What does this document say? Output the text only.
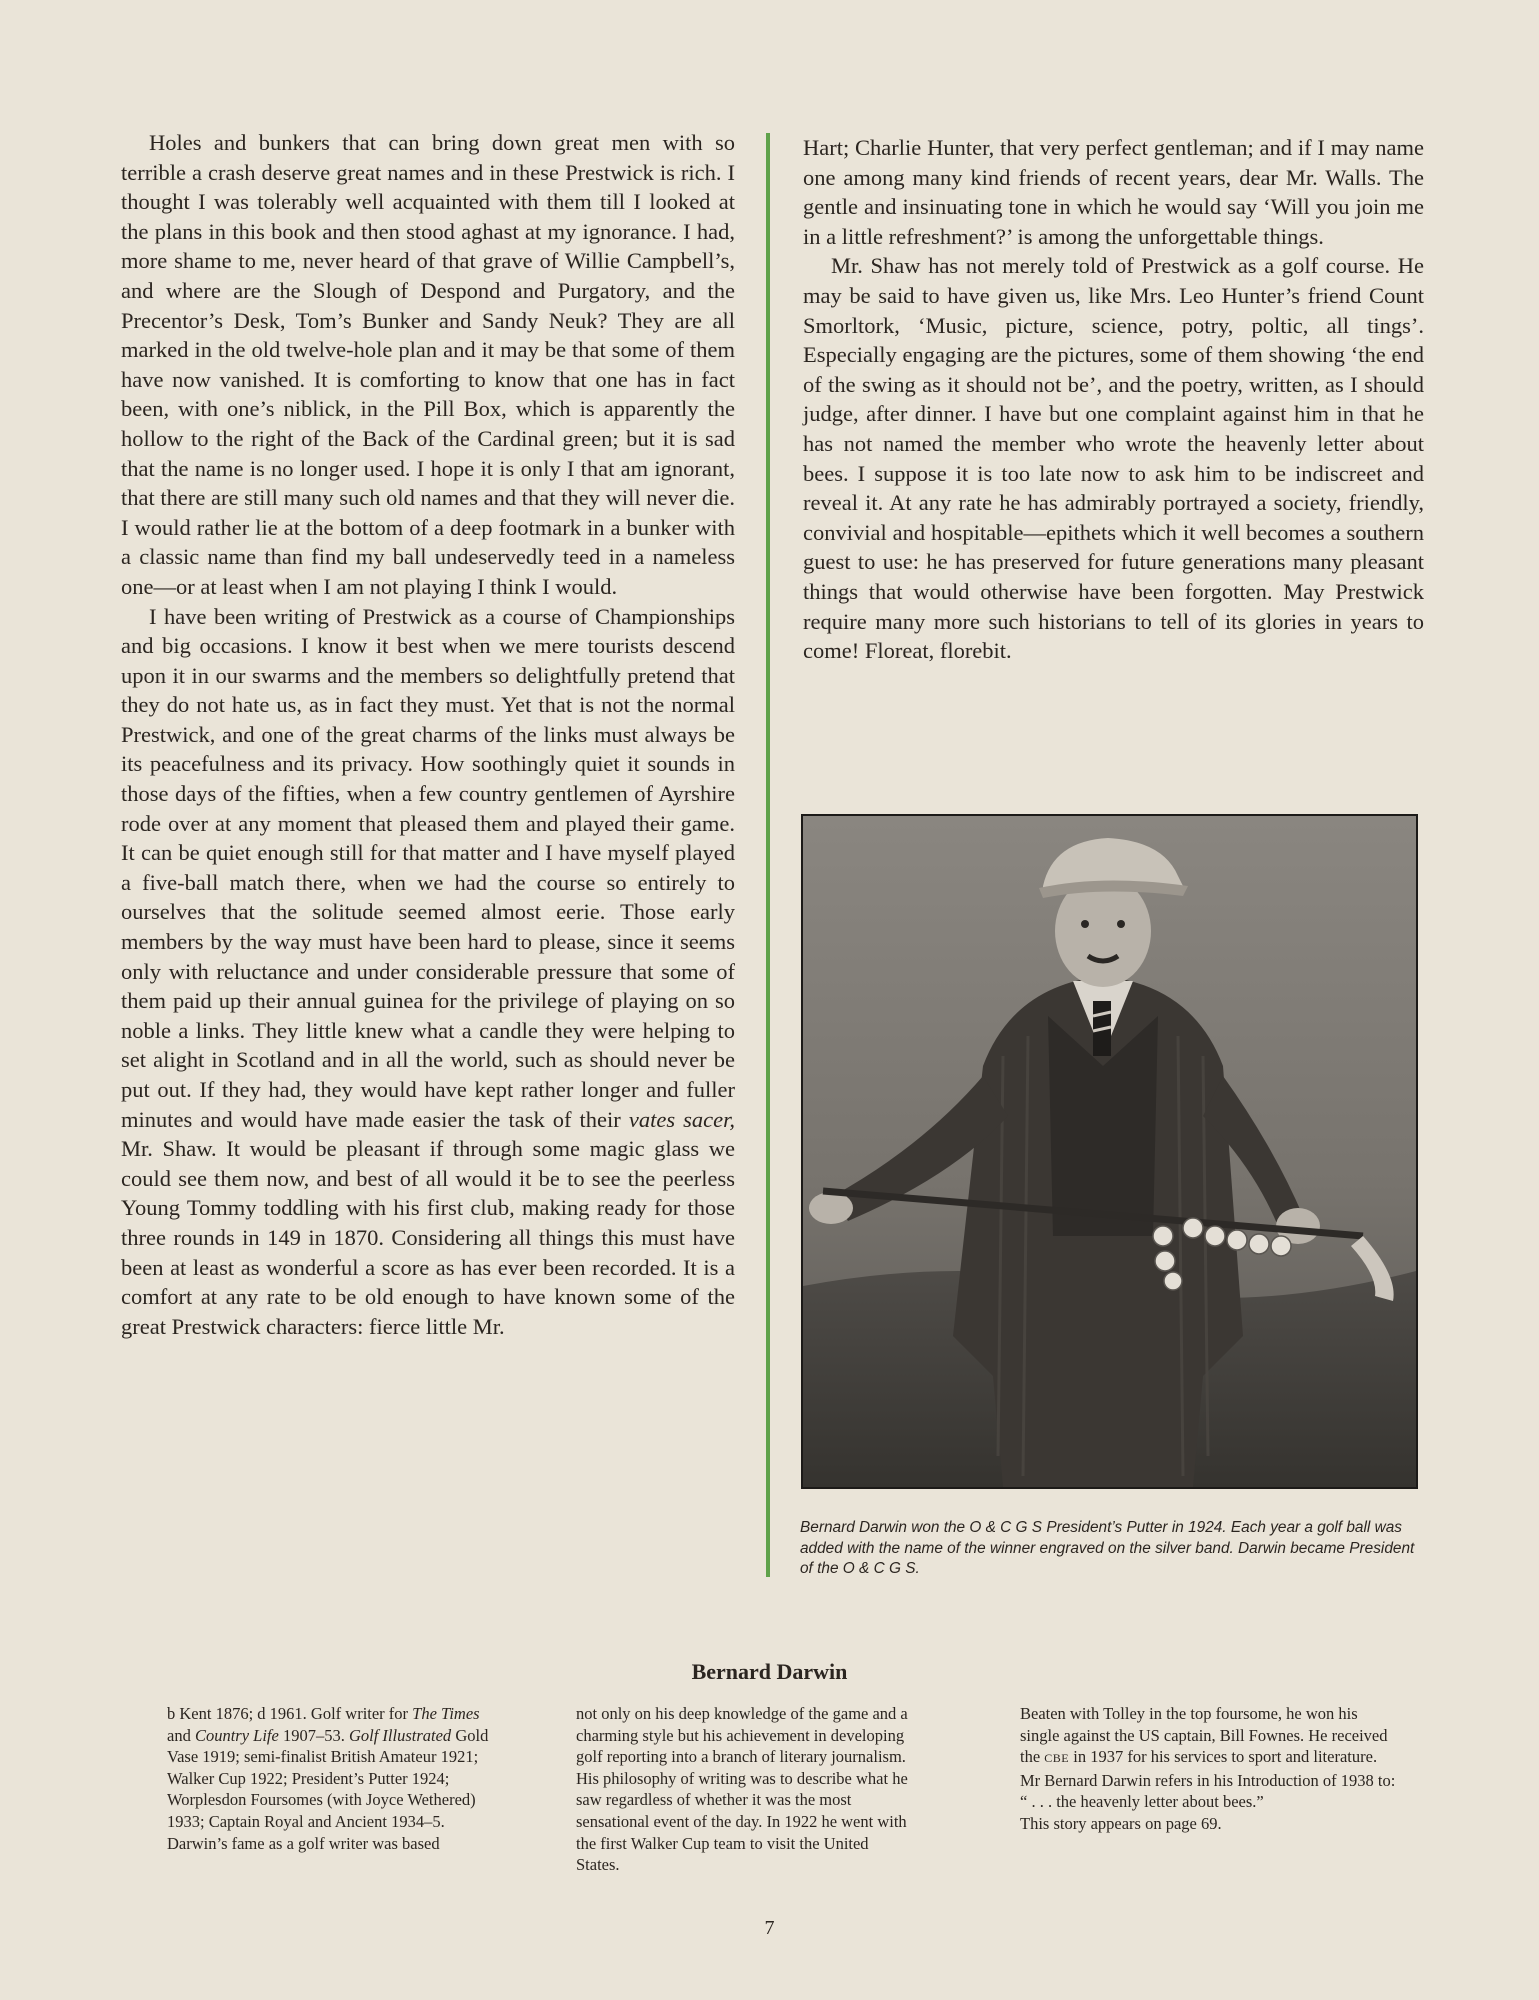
Holes and bunkers that can bring down great men with so terrible a crash deserve great names and in these Prestwick is rich. I thought I was tolerably well acquainted with them till I looked at the plans in this book and then stood aghast at my ignorance. I had, more shame to me, never heard of that grave of Willie Campbell’s, and where are the Slough of Despond and Purgatory, and the Precentor’s Desk, Tom’s Bunker and Sandy Neuk? They are all marked in the old twelve-hole plan and it may be that some of them have now vanished. It is comforting to know that one has in fact been, with one’s niblick, in the Pill Box, which is apparently the hollow to the right of the Back of the Cardinal green; but it is sad that the name is no longer used. I hope it is only I that am ignorant, that there are still many such old names and that they will never die. I would rather lie at the bottom of a deep footmark in a bunker with a classic name than find my ball undeservedly teed in a nameless one—or at least when I am not playing I think I would.

I have been writing of Prestwick as a course of Championships and big occasions. I know it best when we mere tourists descend upon it in our swarms and the members so delightfully pretend that they do not hate us, as in fact they must. Yet that is not the normal Prestwick, and one of the great charms of the links must always be its peacefulness and its privacy. How soothingly quiet it sounds in those days of the fifties, when a few country gentlemen of Ayrshire rode over at any moment that pleased them and played their game. It can be quiet enough still for that matter and I have myself played a five-ball match there, when we had the course so entirely to ourselves that the solitude seemed almost eerie. Those early members by the way must have been hard to please, since it seems only with reluctance and under considerable pressure that some of them paid up their annual guinea for the privilege of playing on so noble a links. They little knew what a candle they were helping to set alight in Scotland and in all the world, such as should never be put out. If they had, they would have kept rather longer and fuller minutes and would have made easier the task of their vates sacer, Mr. Shaw. It would be pleasant if through some magic glass we could see them now, and best of all would it be to see the peerless Young Tommy toddling with his first club, making ready for those three rounds in 149 in 1870. Considering all things this must have been at least as wonderful a score as has ever been recorded. It is a comfort at any rate to be old enough to have known some of the great Prestwick characters: fierce little Mr.

Hart; Charlie Hunter, that very perfect gentleman; and if I may name one among many kind friends of recent years, dear Mr. Walls. The gentle and insinuating tone in which he would say ‘Will you join me in a little refreshment?’ is among the unforgettable things.

Mr. Shaw has not merely told of Prestwick as a golf course. He may be said to have given us, like Mrs. Leo Hunter’s friend Count Smorltork, ‘Music, picture, science, potry, poltic, all tings’. Especially engaging are the pictures, some of them showing ‘the end of the swing as it should not be’, and the poetry, written, as I should judge, after dinner. I have but one complaint against him in that he has not named the member who wrote the heavenly letter about bees. I suppose it is too late now to ask him to be indiscreet and reveal it. At any rate he has admirably portrayed a society, friendly, convivial and hospitable—epithets which it well becomes a southern guest to use: he has preserved for future generations many pleasant things that would otherwise have been forgotten. May Prestwick require many more such historians to tell of its glories in years to come! Floreat, florebit.

Bernard Darwin won the O & C G S President’s Putter in 1924. Each year a golf ball was added with the name of the winner engraved on the silver band. Darwin became President of the O & C G S.
Bernard Darwin

b Kent 1876; d 1961. Golf writer for The Times and Country Life 1907–53. Golf Illustrated Gold Vase 1919; semi-finalist British Amateur 1921; Walker Cup 1922; President’s Putter 1924; Worplesdon Foursomes (with Joyce Wethered) 1933; Captain Royal and Ancient 1934–5. Darwin’s fame as a golf writer was based

not only on his deep knowledge of the game and a charming style but his achievement in developing golf reporting into a branch of literary journalism. His philosophy of writing was to describe what he saw regardless of whether it was the most sensational event of the day. In 1922 he went with the first Walker Cup team to visit the United States.

Beaten with Tolley in the top foursome, he won his single against the US captain, Bill Fownes. He received the CBE in 1937 for his services to sport and literature.

Mr Bernard Darwin refers in his Introduction of 1938 to: “ . . . the heavenly letter about bees.”

This story appears on page 69.

7
